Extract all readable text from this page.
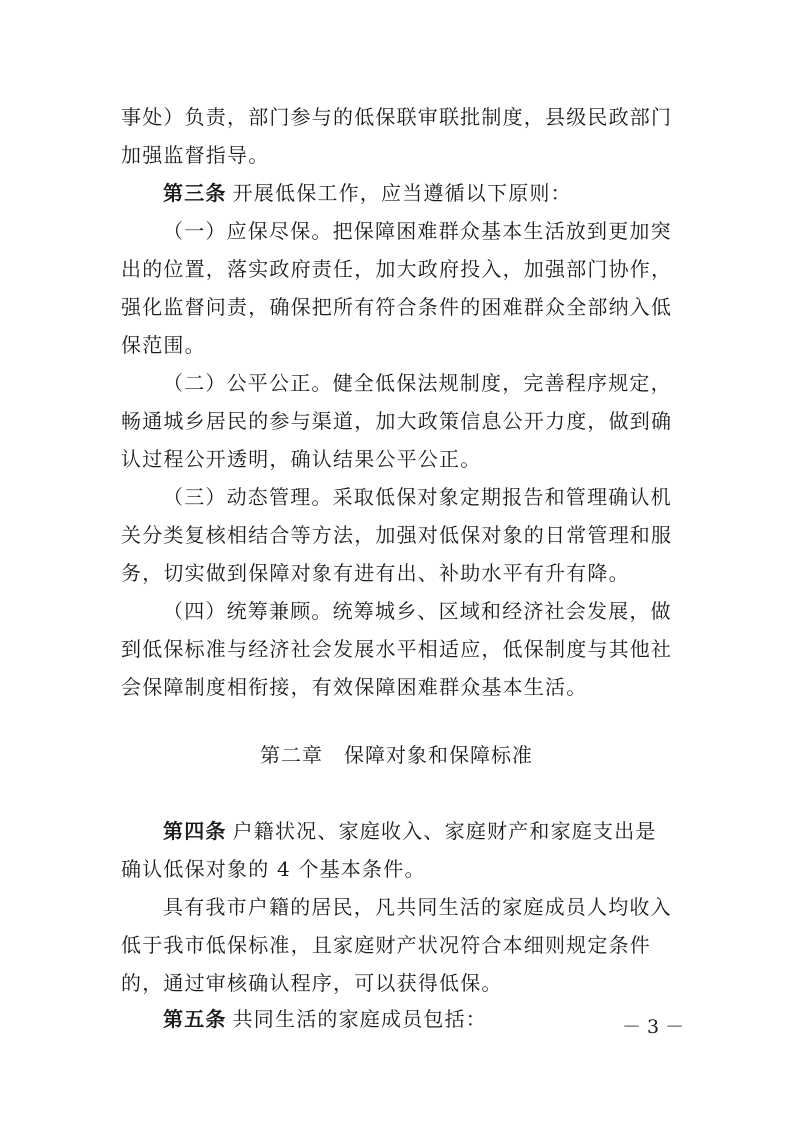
事处）负责，部门参与的低保联审联批制度，县级民政部门
加强监督指导。
第三条 开展低保工作，应当遵循以下原则：
（一）应保尽保。把保障困难群众基本生活放到更加突
出的位置，落实政府责任，加大政府投入，加强部门协作，
强化监督问责，确保把所有符合条件的困难群众全部纳入低
保范围。
（二）公平公正。健全低保法规制度，完善程序规定，
畅通城乡居民的参与渠道，加大政策信息公开力度，做到确
认过程公开透明，确认结果公平公正。
（三）动态管理。采取低保对象定期报告和管理确认机
关分类复核相结合等方法，加强对低保对象的日常管理和服
务，切实做到保障对象有进有出、补助水平有升有降。
（四）统筹兼顾。统筹城乡、区域和经济社会发展，做
到低保标准与经济社会发展水平相适应，低保制度与其他社
会保障制度相衔接，有效保障困难群众基本生活。
第二章　保障对象和保障标准
第四条 户籍状况、家庭收入、家庭财产和家庭支出是
确认低保对象的 4 个基本条件。
具有我市户籍的居民，凡共同生活的家庭成员人均收入
低于我市低保标准，且家庭财产状况符合本细则规定条件
的，通过审核确认程序，可以获得低保。
第五条 共同生活的家庭成员包括：	－ 3 －
